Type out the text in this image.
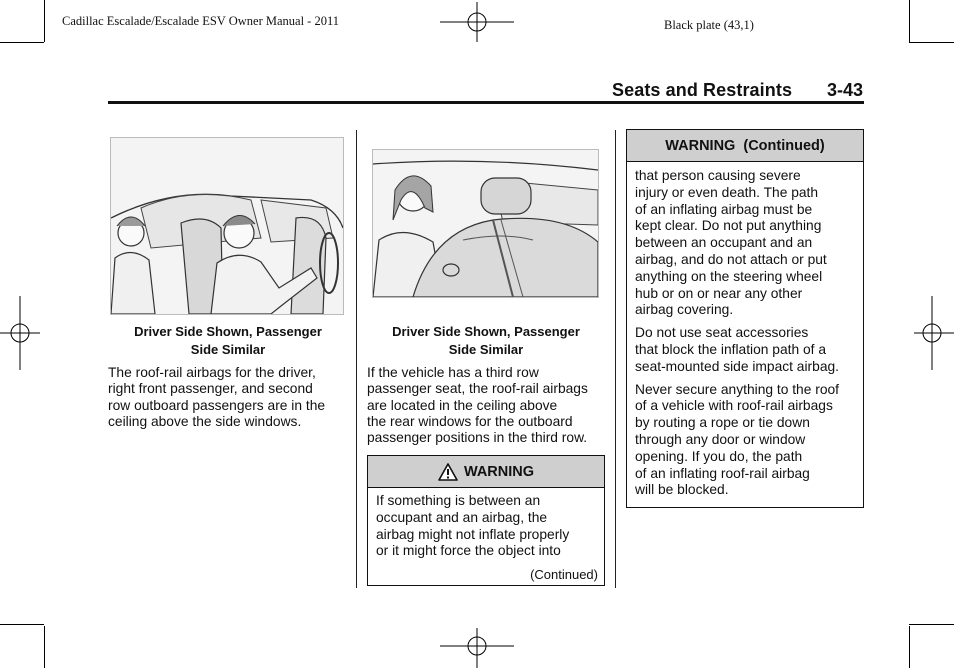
Cadillac Escalade/Escalade ESV Owner Manual - 2011	Black plate (43,1)
Seats and Restraints 3-43
Driver Side Shown, Passenger
Side Similar
The roof-rail airbags for the driver,
right front passenger, and second
row outboard passengers are in the
ceiling above the side windows.
Driver Side Shown, Passenger
Side Similar
If the vehicle has a third row
passenger seat, the roof-rail airbags
are located in the ceiling above
the rear windows for the outboard
passenger positions in the third row.
WARNING
If something is between an
occupant and an airbag, the
airbag might not inflate properly
or it might force the object into
(Continued)
WARNING  (Continued)
that person causing severe
injury or even death. The path
of an inflating airbag must be
kept clear. Do not put anything
between an occupant and an
airbag, and do not attach or put
anything on the steering wheel
hub or on or near any other
airbag covering.
Do not use seat accessories
that block the inflation path of a
seat-mounted side impact airbag.
Never secure anything to the roof
of a vehicle with roof-rail airbags
by routing a rope or tie down
through any door or window
opening. If you do, the path
of an inflating roof-rail airbag
will be blocked.
